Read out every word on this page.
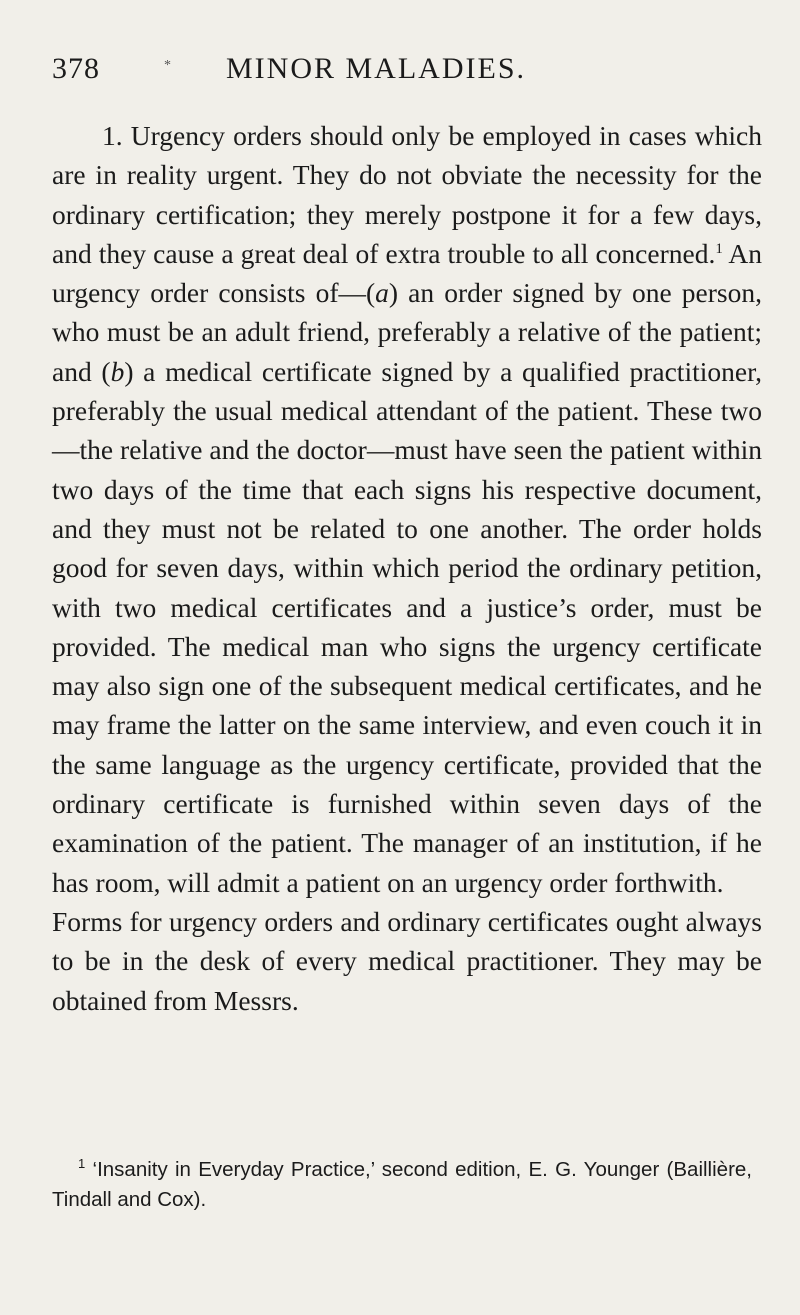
378	* MINOR MALADIES.

1. Urgency orders should only be employed in cases which are in reality urgent. They do not obviate the necessity for the ordinary certification; they merely postpone it for a few days, and they cause a great deal of extra trouble to all concerned.$^1$ An urgency order consists of—(a) an order signed by one person, who must be an adult friend, preferably a relative of the patient; and (b) a medical certificate signed by a qualified practitioner, preferably the usual medical attendant of the patient. These two—the relative and the doctor—must have seen the patient within two days of the time that each signs his respective document, and they must not be related to one another. The order holds good for seven days, within which period the ordinary petition, with two medical certificates and a justice’s order, must be provided. The medical man who signs the urgency certificate may also sign one of the subsequent medical certificates, and he may frame the latter on the same interview, and even couch it in the same language as the urgency certificate, provided that the ordinary certificate is furnished within seven days of the examination of the patient. The manager of an institution, if he has room, will admit a patient on an urgency order forthwith.

Forms for urgency orders and ordinary certificates ought always to be in the desk of every medical practitioner. They may be obtained from Messrs.

$^1$ ‘Insanity in Everyday Practice,’ second edition, E. G. Younger (Baillière, Tindall and Cox).
